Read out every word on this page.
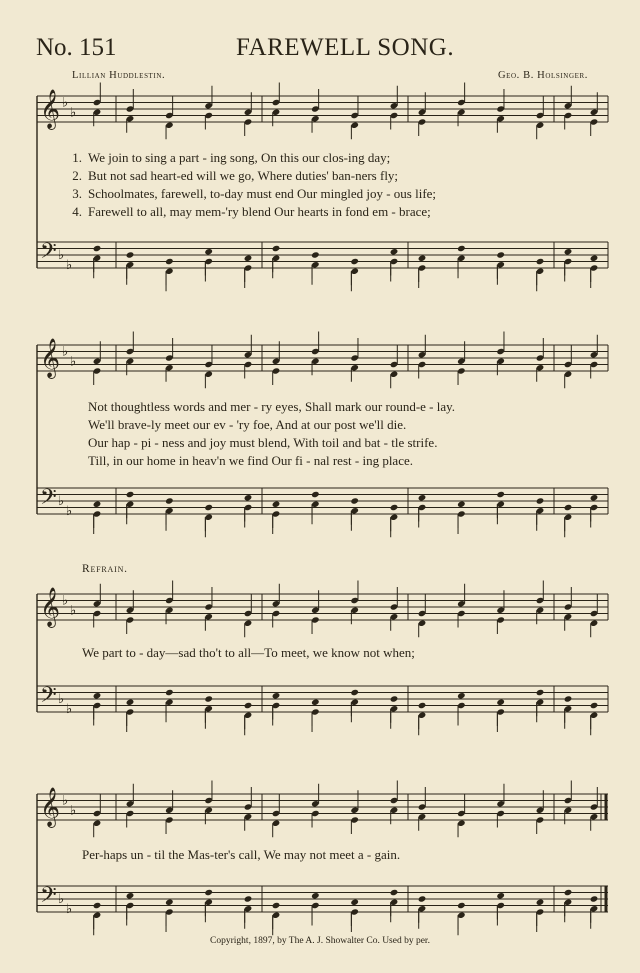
No. 151	FAREWELL SONG.
Lillian Huddlestin.	Geo. B. Holsinger.
𝄞 ♭
♭
𝄢 ♭
♭
𝄞 ♭
♭
𝄢 ♭
♭
𝄞 ♭
♭
𝄢 ♭
♭
𝄞 ♭
♭
𝄢 ♭
♭
1. We join to sing a part - ing song, On this our clos-ing day;
2. But not sad heart-ed will we go, Where duties' ban-ners fly;
3. Schoolmates, farewell, to-day must end Our mingled joy - ous life;
4. Farewell to all, may mem-'ry blend Our hearts in fond em - brace;
Not thoughtless words and mer - ry eyes, Shall mark our round-e - lay.
We'll brave-ly meet our ev - 'ry foe, And at our post we'll die.
Our hap - pi - ness and joy must blend, With toil and bat - tle strife.
Till, in our home in heav'n we find Our fi - nal rest - ing place.
Refrain.
We part to - day—sad tho't to all—To meet, we know not when;
Per-haps un - til the Mas-ter's call, We may not meet a - gain.
Copyright, 1897, by The A. J. Showalter Co. Used by per.
